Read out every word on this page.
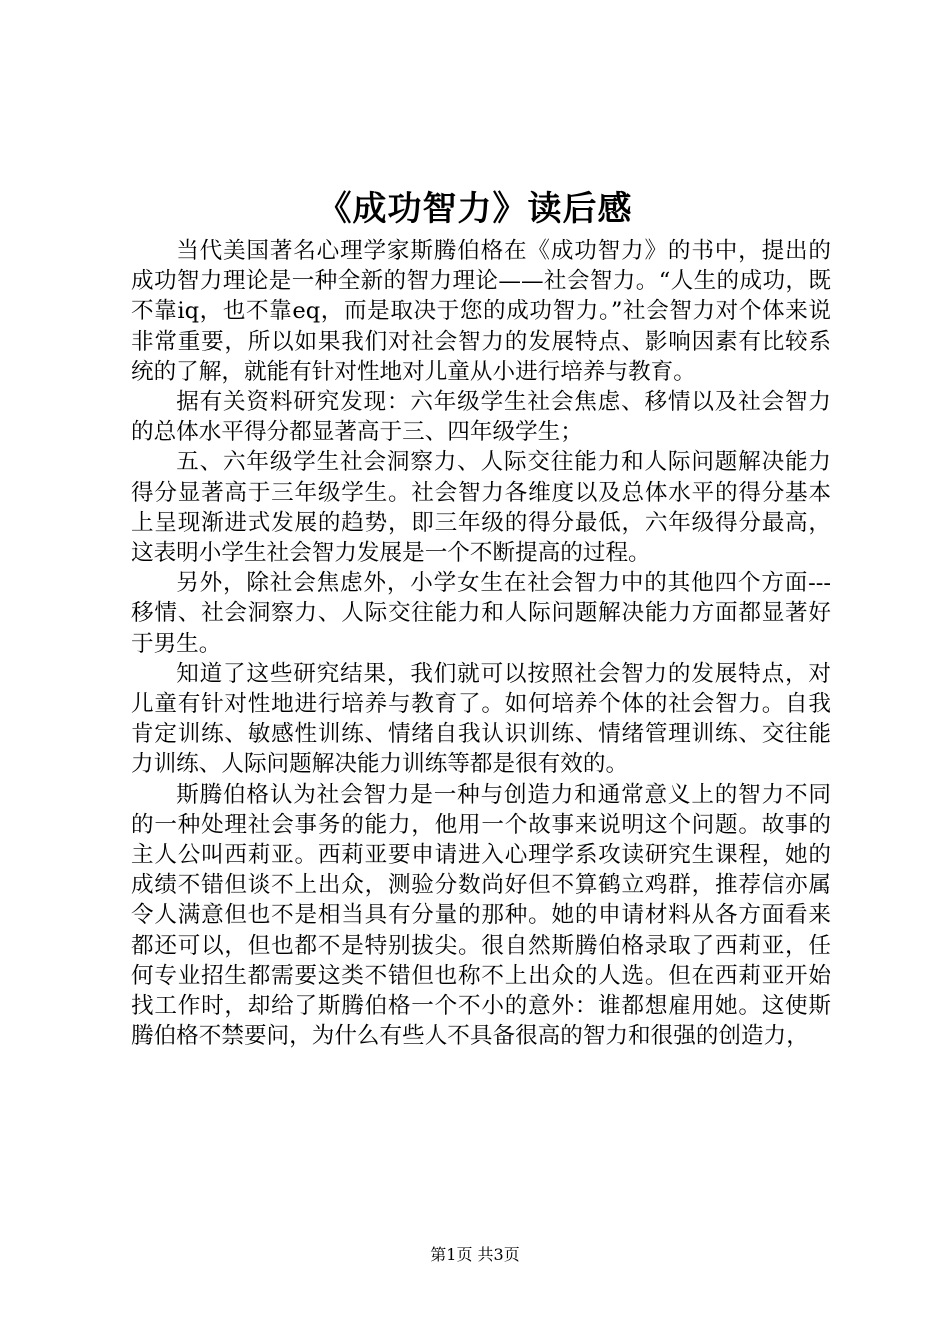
《成功智力》读后感

当代美国著名心理学家斯腾伯格在《成功智力》的书中，提出的成功智力理论是一种全新的智力理论——社会智力。“人生的成功，既不靠iq，也不靠eq，而是取决于您的成功智力。”社会智力对个体来说非常重要，所以如果我们对社会智力的发展特点、影响因素有比较系统的了解，就能有针对性地对儿童从小进行培养与教育。

据有关资料研究发现：六年级学生社会焦虑、移情以及社会智力的总体水平得分都显著高于三、四年级学生；

五、六年级学生社会洞察力、人际交往能力和人际问题解决能力得分显著高于三年级学生。社会智力各维度以及总体水平的得分基本上呈现渐进式发展的趋势，即三年级的得分最低，六年级得分最高，这表明小学生社会智力发展是一个不断提高的过程。

另外，除社会焦虑外，小学女生在社会智力中的其他四个方面---移情、社会洞察力、人际交往能力和人际问题解决能力方面都显著好于男生。

知道了这些研究结果，我们就可以按照社会智力的发展特点，对儿童有针对性地进行培养与教育了。如何培养个体的社会智力。自我肯定训练、敏感性训练、情绪自我认识训练、情绪管理训练、交往能力训练、人际问题解决能力训练等都是很有效的。

斯腾伯格认为社会智力是一种与创造力和通常意义上的智力不同的一种处理社会事务的能力，他用一个故事来说明这个问题。故事的主人公叫西莉亚。西莉亚要申请进入心理学系攻读研究生课程，她的成绩不错但谈不上出众，测验分数尚好但不算鹤立鸡群，推荐信亦属令人满意但也不是相当具有分量的那种。她的申请材料从各方面看来都还可以，但也都不是特别拔尖。很自然斯腾伯格录取了西莉亚，任何专业招生都需要这类不错但也称不上出众的人选。但在西莉亚开始找工作时，却给了斯腾伯格一个不小的意外：谁都想雇用她。这使斯腾伯格不禁要问，为什么有些人不具备很高的智力和很强的创造力，

第1页 共3页
